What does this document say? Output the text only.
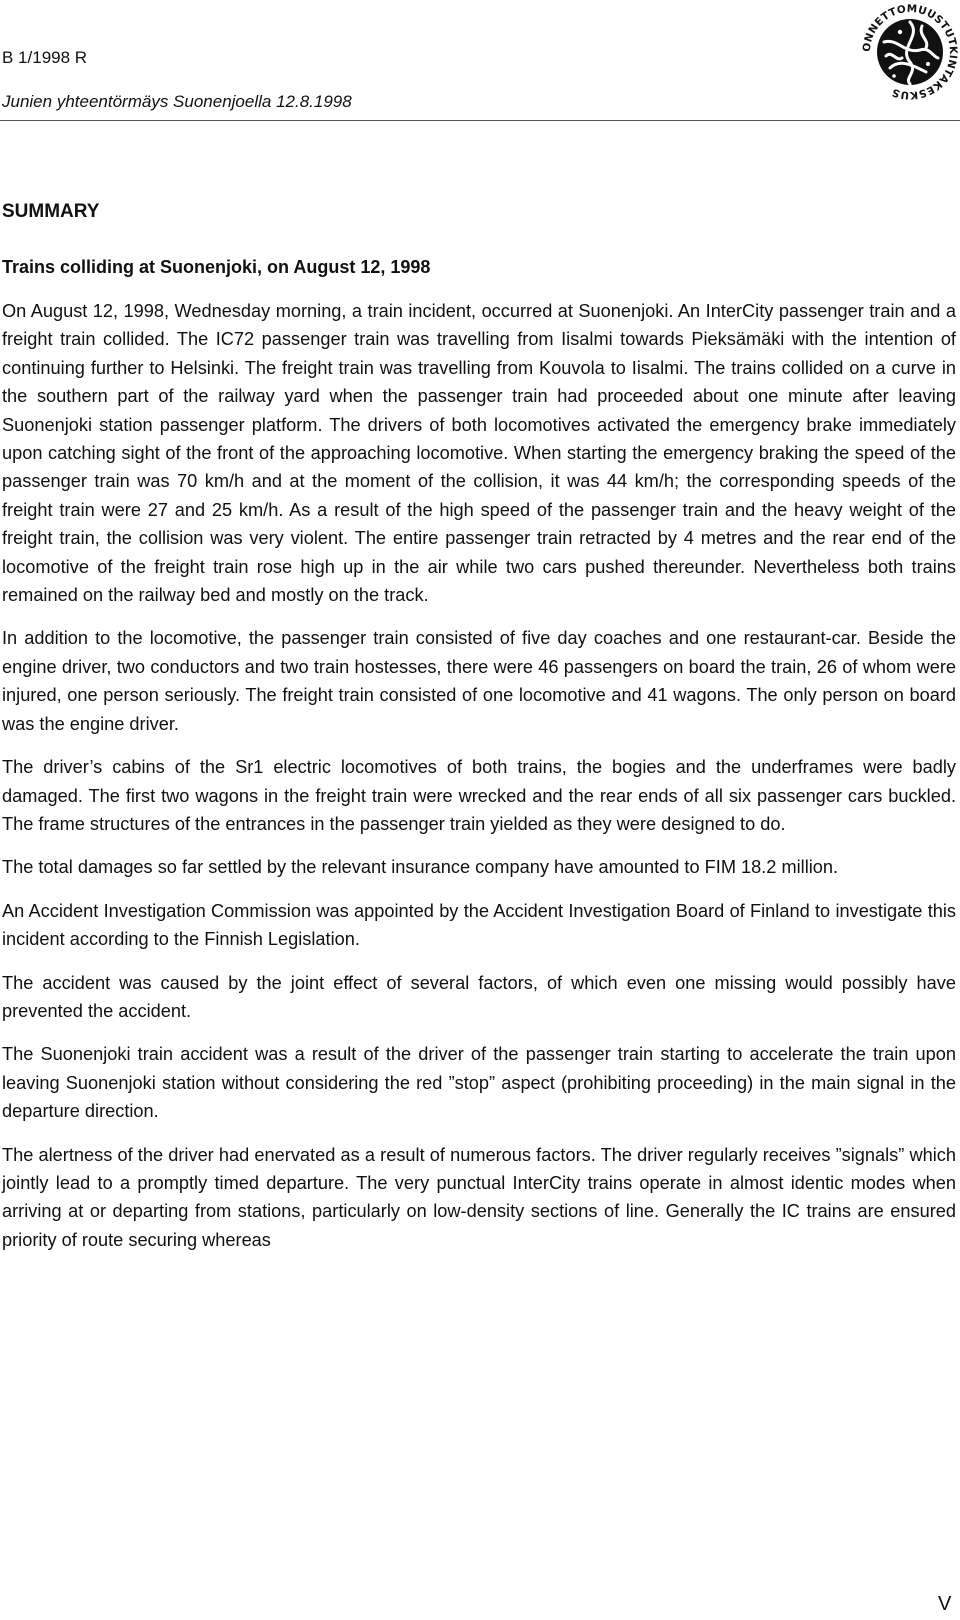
B 1/1998 R
Junien yhteentörmäys Suonenjoella 12.8.1998
ONNETTOMUUSTUTKINTAKESKUS
SUMMARY
Trains colliding at Suonenjoki, on August 12, 1998

On August 12, 1998, Wednesday morning, a train incident, occurred at Suonenjoki. An InterCity passenger train and a freight train collided. The IC72 passenger train was travelling from Iisalmi towards Pieksämäki with the intention of continuing further to Helsinki. The freight train was travelling from Kouvola to Iisalmi. The trains collided on a curve in the southern part of the railway yard when the passenger train had proceeded about one minute after leaving Suonenjoki station passenger platform. The drivers of both locomotives activated the emergency brake immediately upon catching sight of the front of the approaching locomotive. When starting the emergency braking the speed of the passenger train was 70 km/h and at the moment of the collision, it was 44 km/h; the corresponding speeds of the freight train were 27 and 25 km/h. As a result of the high speed of the passenger train and the heavy weight of the freight train, the collision was very violent. The entire passenger train retracted by 4 metres and the rear end of the locomotive of the freight train rose high up in the air while two cars pushed thereunder. Nevertheless both trains remained on the railway bed and mostly on the track.

In addition to the locomotive, the passenger train consisted of five day coaches and one restaurant-car. Beside the engine driver, two conductors and two train hostesses, there were 46 passengers on board the train, 26 of whom were injured, one person seriously. The freight train consisted of one locomotive and 41 wagons. The only person on board was the engine driver.

The driver’s cabins of the Sr1 electric locomotives of both trains, the bogies and the underframes were badly damaged. The first two wagons in the freight train were wrecked and the rear ends of all six passenger cars buckled. The frame structures of the entrances in the passenger train yielded as they were designed to do.

The total damages so far settled by the relevant insurance company have amounted to FIM 18.2 million.

An Accident Investigation Commission was appointed by the Accident Investigation Board of Finland to investigate this incident according to the Finnish Legislation.

The accident was caused by the joint effect of several factors, of which even one missing would possibly have prevented the accident.

The Suonenjoki train accident was a result of the driver of the passenger train starting to accelerate the train upon leaving Suonenjoki station without considering the red ”stop” aspect (prohibiting proceeding) in the main signal in the departure direction.

The alertness of the driver had enervated as a result of numerous factors. The driver regularly receives ”signals” which jointly lead to a promptly timed departure. The very punctual InterCity trains operate in almost identic modes when arriving at or departing from stations, particularly on low-density sections of line. Generally the IC trains are ensured priority of route securing whereas

V
